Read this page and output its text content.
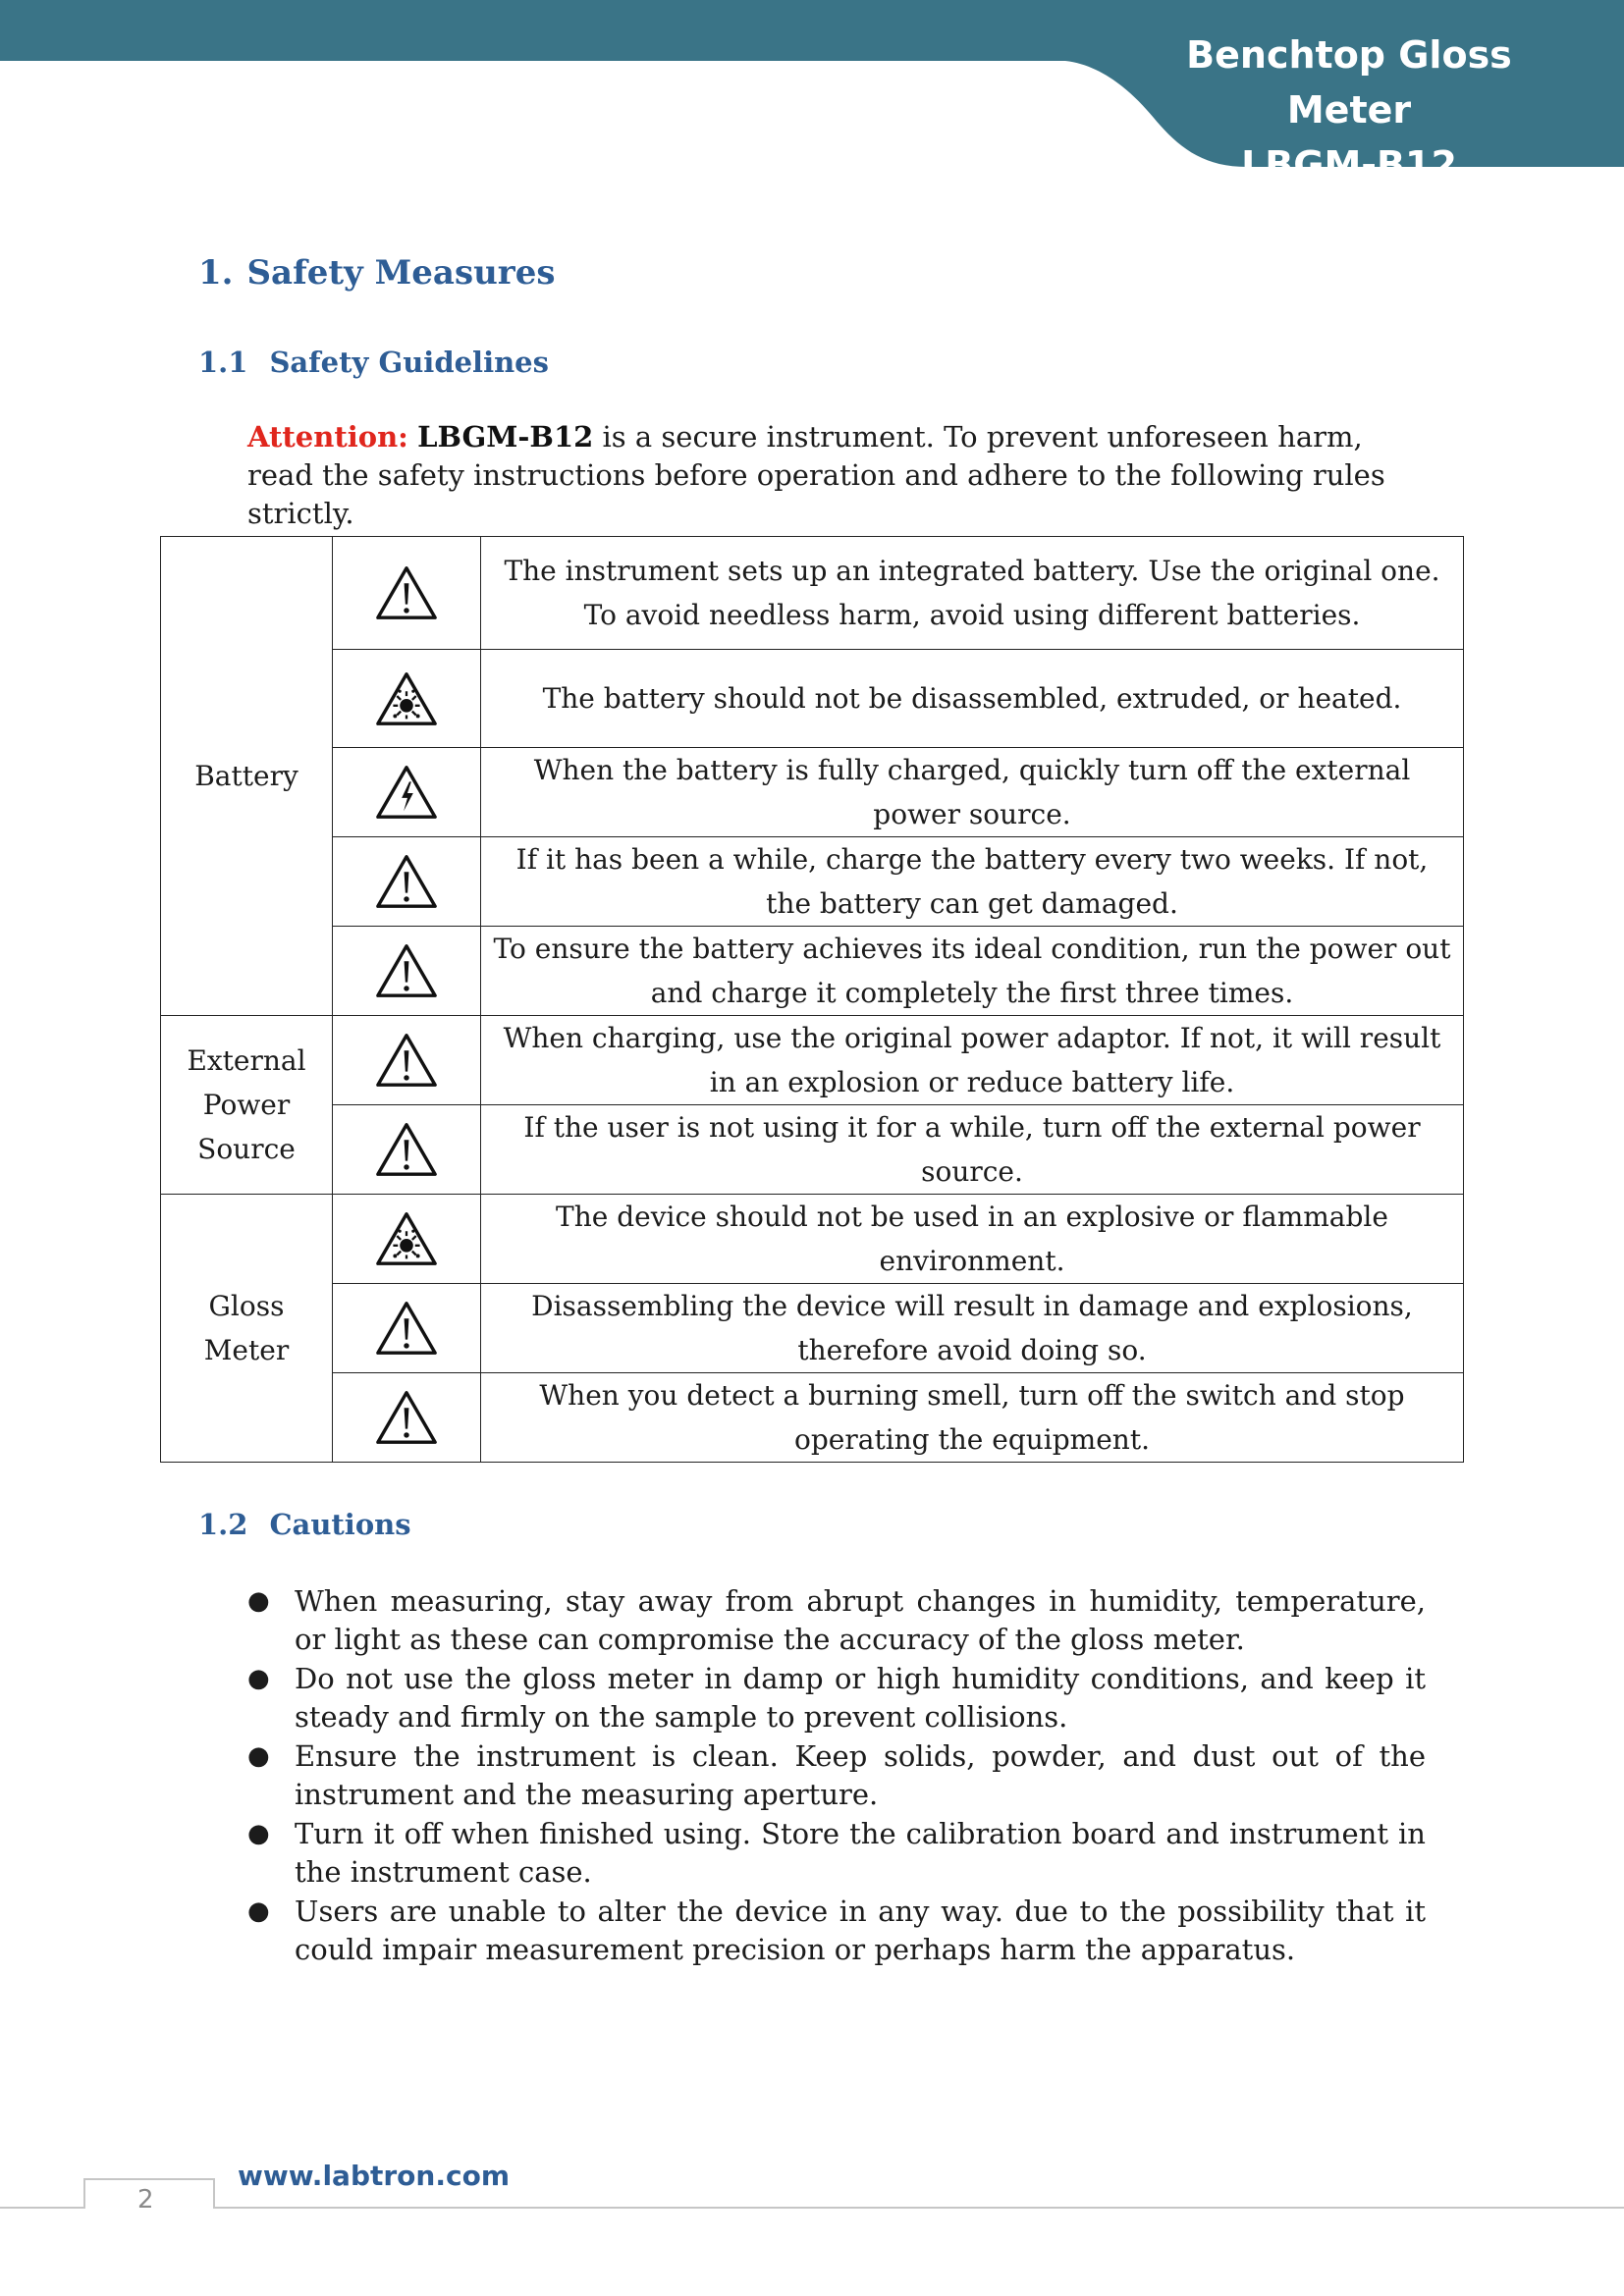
Benchtop Gloss Meter
LBGM-B12
1. Safety Measures
1.1 Safety Guidelines

Attention: LBGM-B12 is a secure instrument. To prevent unforeseen harm, read the safety instructions before operation and adhere to the following rules strictly.

Battery		The instrument sets up an integrated battery. Use the original one. To avoid needless harm, avoid using different batteries.

	The battery should not be disassembled, extruded, or heated.

	When the battery is fully charged, quickly turn off the external power source.

	If it has been a while, charge the battery every two weeks. If not, the battery can get damaged.

	To ensure the battery achieves its ideal condition, run the power out and charge it completely the first three times.
External Power Source		When charging, use the original power adaptor. If not, it will result in an explosion or reduce battery life.

	If the user is not using it for a while, turn off the external power source.
Gloss Meter		The device should not be used in an explosive or flammable environment.

	Disassembling the device will result in damage and explosions, therefore avoid doing so.

	When you detect a burning smell, turn off the switch and stop operating the equipment.
1.2 Cautions
● When measuring, stay away from abrupt changes in humidity, temperature, or light as these can compromise the accuracy of the gloss meter.
● Do not use the gloss meter in damp or high humidity conditions, and keep it steady and firmly on the sample to prevent collisions.
● Ensure the instrument is clean. Keep solids, powder, and dust out of the instrument and the measuring aperture.
● Turn it off when finished using. Store the calibration board and instrument in the instrument case.
● Users are unable to alter the device in any way. due to the possibility that it could impair measurement precision or perhaps harm the apparatus.

www.labtron.com

2
